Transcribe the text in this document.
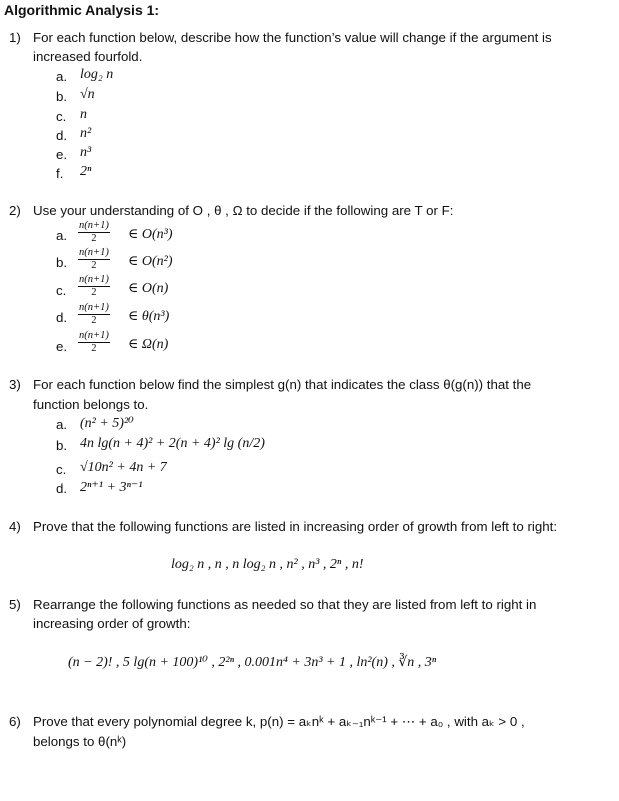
Algorithmic Analysis 1:
1) For each function below, describe how the function’s value will change if the argument is
increased fourfold.
a. log₂ n
b. √n
c. n
d. n²
e. n³
f. 2ⁿ
2) Use your understanding of O , θ , Ω to decide if the following are T or F:
a. $\frac{n(n+1)}{2}$ ∈ O(n³)
b. $\frac{n(n+1)}{2}$ ∈ O(n²)
c. $\frac{n(n+1)}{2}$ ∈ O(n)
d. $\frac{n(n+1)}{2}$ ∈ θ(n³)
e. $\frac{n(n+1)}{2}$ ∈ Ω(n)
3) For each function below find the simplest g(n) that indicates the class θ(g(n)) that the
function belongs to.
a. (n² + 5)²⁰
b. 4n lg(n + 4)² + 2(n + 4)² lg (n/2)
c. √10n² + 4n + 7
d. 2ⁿ⁺¹ + 3ⁿ⁻¹
4) Prove that the following functions are listed in increasing order of growth from left to right:
log₂ n , n , n log₂ n , n² , n³ , 2ⁿ , n!
5) Rearrange the following functions as needed so that they are listed from left to right in
increasing order of growth:
(n − 2)! , 5 lg(n + 100)¹⁰ , 2²ⁿ , 0.001n⁴ + 3n³ + 1 , ln²(n) , ∛n , 3ⁿ
6) Prove that every polynomial degree k, p(n) = aₖnᵏ + aₖ₋₁nᵏ⁻¹ + ⋯ + a₀ , with aₖ > 0 ,
belongs to θ(nᵏ)
